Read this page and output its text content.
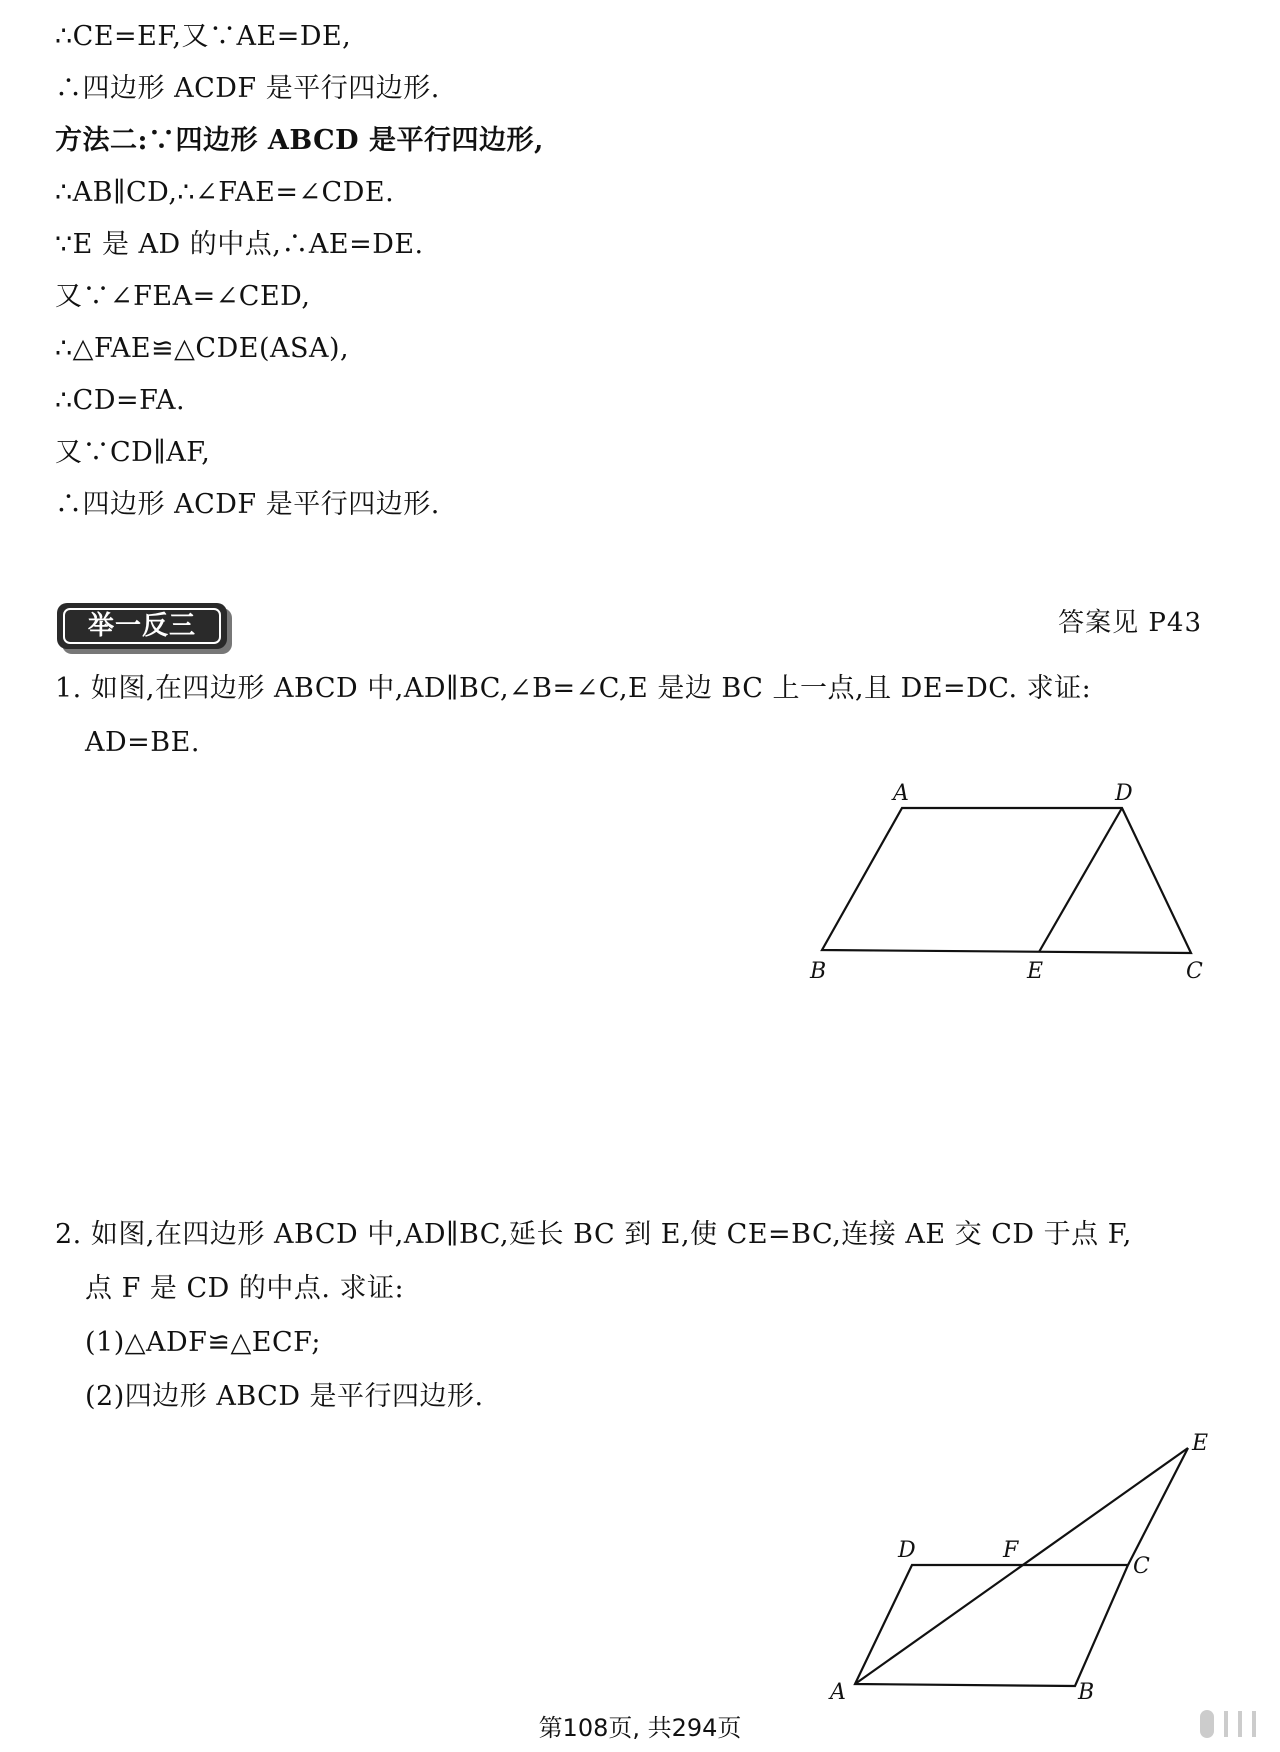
∴CE=EF,又∵AE=DE,
∴四边形 ACDF 是平行四边形.
方法二:∵四边形 ABCD 是平行四边形,
∴AB∥CD,∴∠FAE=∠CDE.
∵E 是 AD 的中点,∴AE=DE.
又∵∠FEA=∠CED,
∴△FAE≌△CDE(ASA),
∴CD=FA.
又∵CD∥AF,
∴四边形 ACDF 是平行四边形.
举一反三	答案见 P43
1. 如图,在四边形 ABCD 中,AD∥BC,∠B=∠C,E 是边 BC 上一点,且 DE=DC. 求证:
AD=BE.
A	D
B	E	C
E
D	F
C
A	B
2. 如图,在四边形 ABCD 中,AD∥BC,延长 BC 到 E,使 CE=BC,连接 AE 交 CD 于点 F,
点 F 是 CD 的中点. 求证:
(1)△ADF≌△ECF;
(2)四边形 ABCD 是平行四边形.
第108页, 共294页
